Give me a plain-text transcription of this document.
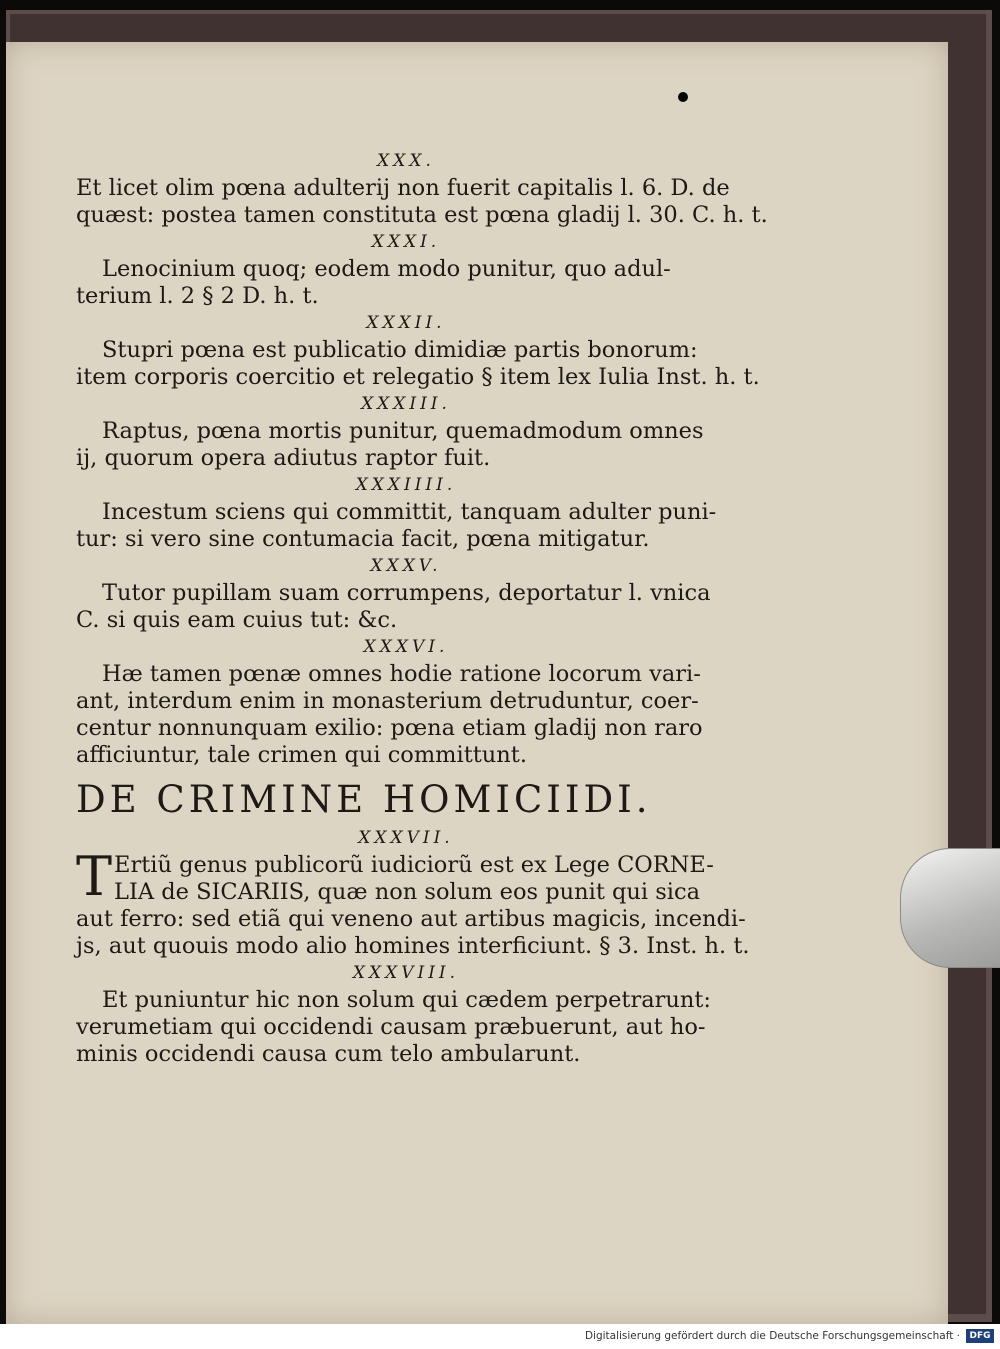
XXX.
Et licet olim pœna adulterij non fuerit capitalis l. 6. D. de
quæst: postea tamen constituta est pœna gladij l. 30. C. h. t.
XXXI.
Lenocinium quoq; eodem modo punitur, quo adul-
terium l. 2 § 2 D. h. t.
XXXII.
Stupri pœna est publicatio dimidiæ partis bonorum:
item corporis coercitio et relegatio § item lex Iulia Inst. h. t.
XXXIII.
Raptus, pœna mortis punitur, quemadmodum omnes
ij, quorum opera adiutus raptor fuit.
XXXIIII.
Incestum sciens qui committit, tanquam adulter puni-
tur: si vero sine contumacia facit, pœna mitigatur.
XXXV.
Tutor pupillam suam corrumpens, deportatur l. vnica
C. si quis eam cuius tut: &c.
XXXVI.
Hæ tamen pœnæ omnes hodie ratione locorum vari-
ant, interdum enim in monasterium detruduntur, coer-
centur nonnunquam exilio: pœna etiam gladij non raro
afficiuntur, tale crimen qui committunt.
DE CRIMINE HOMICIIDI.
XXXVII.
T Ertiũ genus publicorũ iudiciorũ est ex Lege CORNE-
LIA de SICARIIS, quæ non solum eos punit qui sica
aut ferro: sed etiã qui veneno aut artibus magicis, incendi-
js, aut quouis modo alio homines interficiunt. § 3. Inst. h. t.
XXXVIII.
Et puniuntur hic non solum qui cædem perpetrarunt:
verumetiam qui occidendi causam præbuerunt, aut ho-
minis occidendi causa cum telo ambularunt.
Digitalisierung gefördert durch die Deutsche Forschungsgemeinschaft ·	DFG
